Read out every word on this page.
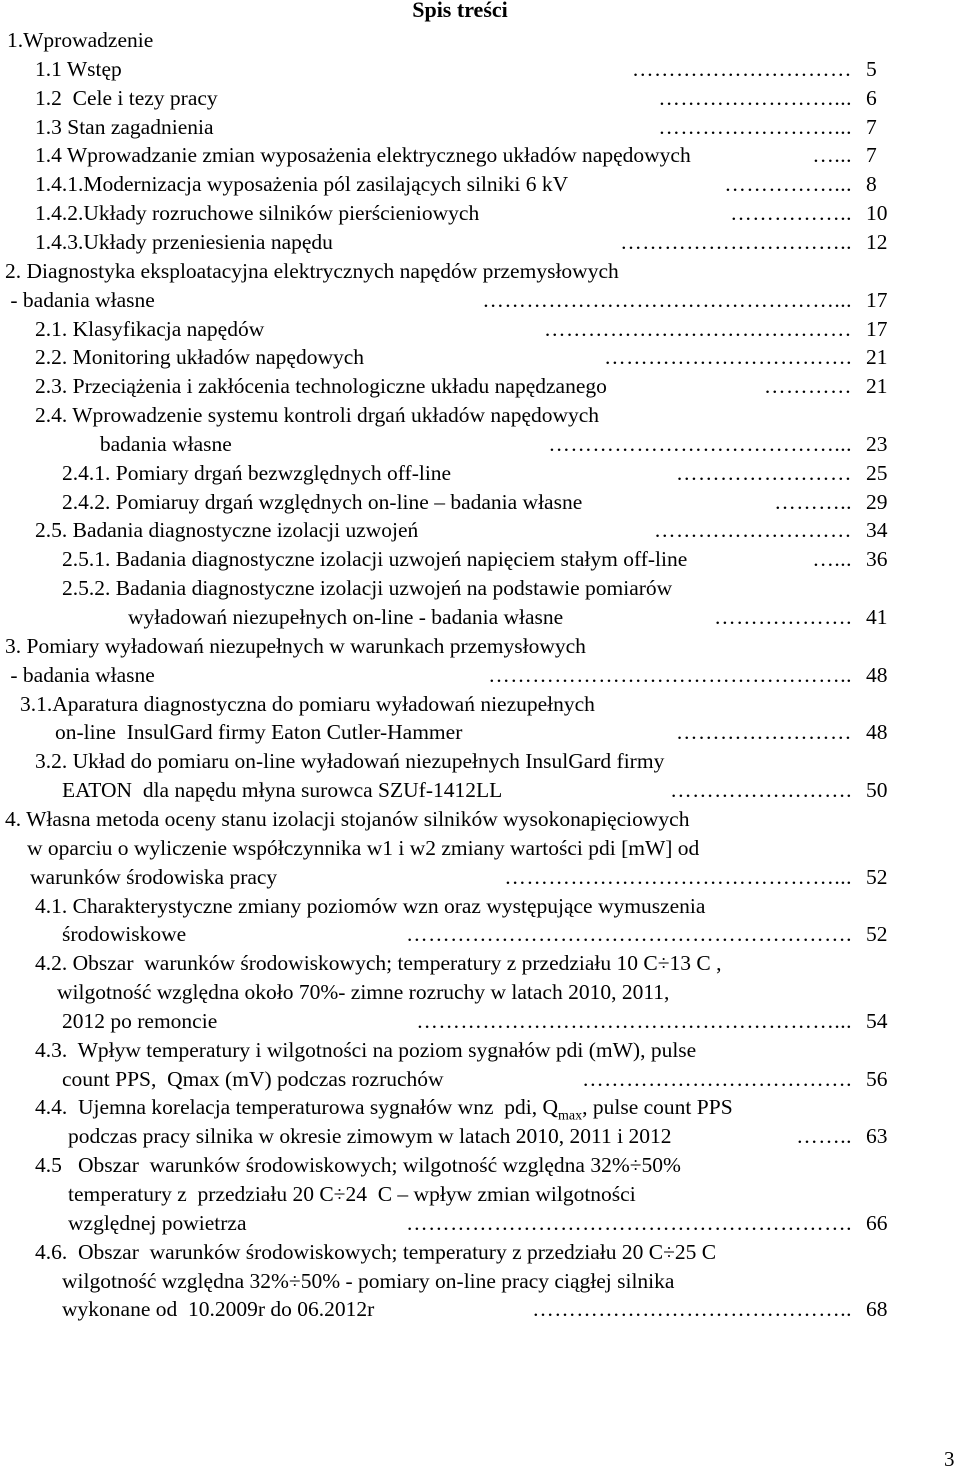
Spis treści
1.Wprowadzenie
1.1 Wstęp	………………………… 5
1.2  Cele i tezy pracy	……………………... 6
1.3 Stan zagadnienia	……………………... 7
1.4 Wprowadzanie zmian wyposażenia elektrycznego układów napędowych	…... 7
1.4.1.Modernizacja wyposażenia pól zasilających silniki 6 kV	……………... 8
1.4.2.Układy rozruchowe silników pierścieniowych	…………….. 10
1.4.3.Układy przeniesienia napędu	………………………….. 12
2. Diagnostyka eksploatacyjna elektrycznych napędów przemysłowych
- badania własne	…………………………………………... 17
2.1. Klasyfikacja napędów	…………………………………… 17
2.2. Monitoring układów napędowych	……………………………. 21
2.3. Przeciążenia i zakłócenia technologiczne układu napędzanego	………… 21
2.4. Wprowadzenie systemu kontroli drgań układów napędowych
badania własne	…………………………………... 23
2.4.1. Pomiary drgań bezwzględnych off-line	…………………… 25
2.4.2. Pomiaruy drgań względnych on-line – badania własne	……….. 29
2.5. Badania diagnostyczne izolacji uzwojeń	……………………… 34
2.5.1. Badania diagnostyczne izolacji uzwojeń napięciem stałym off-line	…... 36
2.5.2. Badania diagnostyczne izolacji uzwojeń na podstawie pomiarów
wyładowań niezupełnych on-line - badania własne	………………. 41
3. Pomiary wyładowań niezupełnych w warunkach przemysłowych
- badania własne	………………………………………….. 48
3.1.Aparatura diagnostyczna do pomiaru wyładowań niezupełnych
on-line  InsulGard firmy Eaton Cutler-Hammer	…………………… 48
3.2. Układ do pomiaru on-line wyładowań niezupełnych InsulGard firmy
EATON  dla napędu młyna surowca SZUf-1412LL	……………………. 50
4. Własna metoda oceny stanu izolacji stojanów silników wysokonapięciowych
w oparciu o wyliczenie współczynnika w1 i w2 zmiany wartości pdi [mW] od
warunków środowiska pracy	………………………………………... 52
4.1. Charakterystyczne zmiany poziomów wzn oraz występujące wymuszenia
środowiskowe	……………………………………………………. 52
4.2. Obszar  warunków środowiskowych; temperatury z przedziału 10 C÷13 C ,
wilgotność względna około 70%- zimne rozruchy w latach 2010, 2011,
2012 po remoncie	…………………………………………………... 54
4.3.  Wpływ temperatury i wilgotności na poziom sygnałów pdi (mW), pulse
count PPS,  Qmax (mV) podczas rozruchów	………………………………. 56
4.4.  Ujemna korelacja temperaturowa sygnałów wnz  pdi, $Q_{max}$, pulse count PPS
podczas pracy silnika w okresie zimowym w latach 2010, 2011 i 2012	…….. 63
4.5   Obszar  warunków środowiskowych; wilgotność względna 32%÷50%
temperatury z  przedziału 20 C÷24  C – wpływ zmian wilgotności
względnej powietrza	……………………………………………………. 66
4.6.  Obszar  warunków środowiskowych; temperatury z przedziału 20 C÷25 C
wilgotność względna 32%÷50% - pomiary on-line pracy ciągłej silnika
wykonane od  10.2009r do 06.2012r	…………………………………….. 68
3
